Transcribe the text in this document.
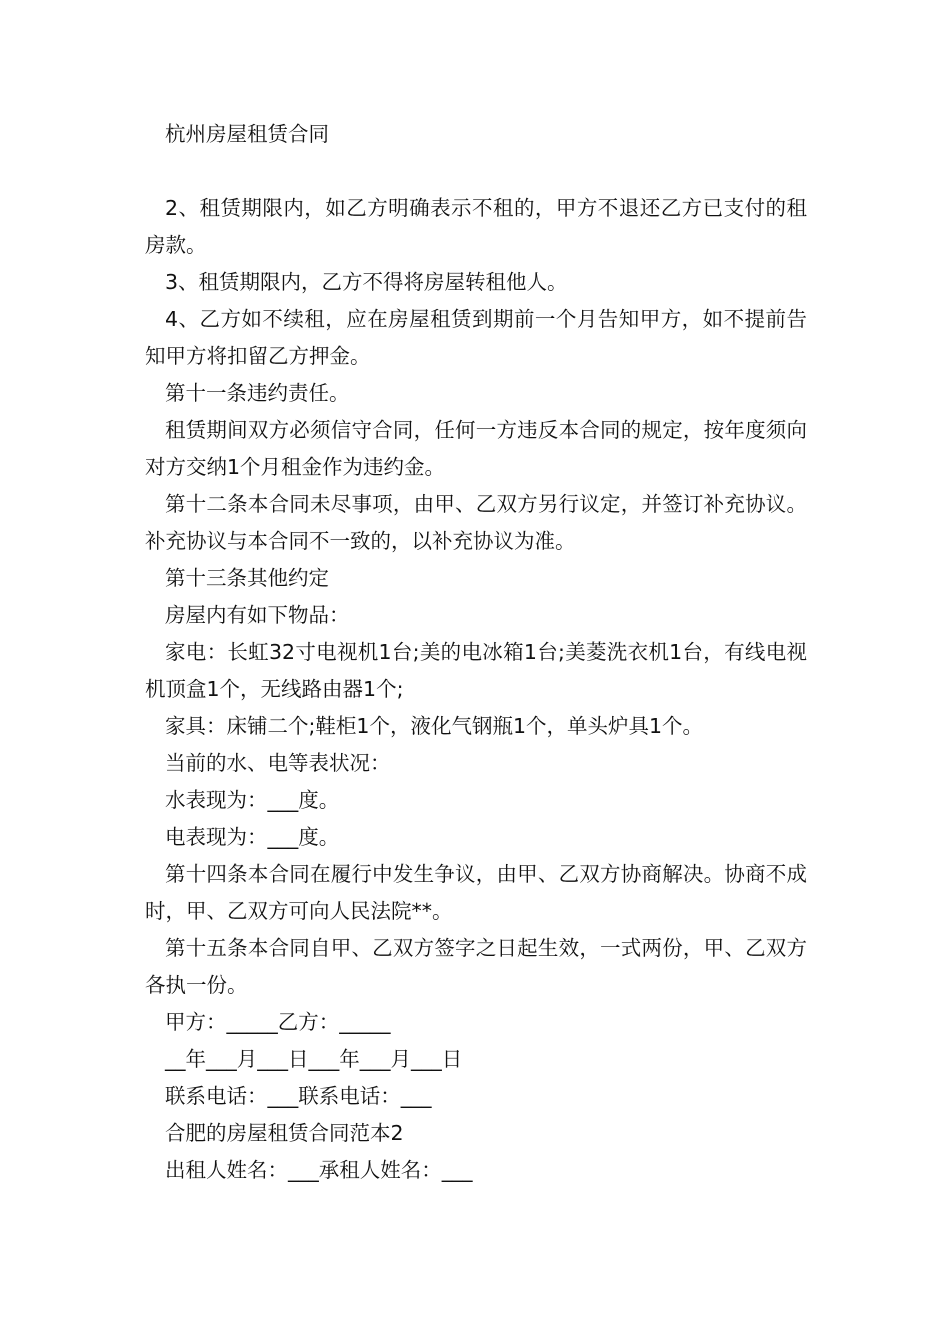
杭州房屋租赁合同

2、租赁期限内，如乙方明确表示不租的，甲方不退还乙方已支付的租房款。

3、租赁期限内，乙方不得将房屋转租他人。

4、乙方如不续租，应在房屋租赁到期前一个月告知甲方，如不提前告知甲方将扣留乙方押金。

第十一条违约责任。

租赁期间双方必须信守合同，任何一方违反本合同的规定，按年度须向对方交纳1个月租金作为违约金。

第十二条本合同未尽事项，由甲、乙双方另行议定，并签订补充协议。补充协议与本合同不一致的，以补充协议为准。

第十三条其他约定

房屋内有如下物品：

家电：长虹32寸电视机1台;美的电冰箱1台;美菱洗衣机1台，有线电视机顶盒1个，无线路由器1个;

家具：床铺二个;鞋柜1个，液化气钢瓶1个，单头炉具1个。

当前的水、电等表状况：

水表现为：___度。

电表现为：___度。

第十四条本合同在履行中发生争议，由甲、乙双方协商解决。协商不成时，甲、乙双方可向人民法院**。

第十五条本合同自甲、乙双方签字之日起生效，一式两份，甲、乙双方各执一份。

甲方：_____乙方：_____

__年___月___日___年___月___日

联系电话：___联系电话：___

合肥的房屋租赁合同范本2

出租人姓名：___承租人姓名：___
